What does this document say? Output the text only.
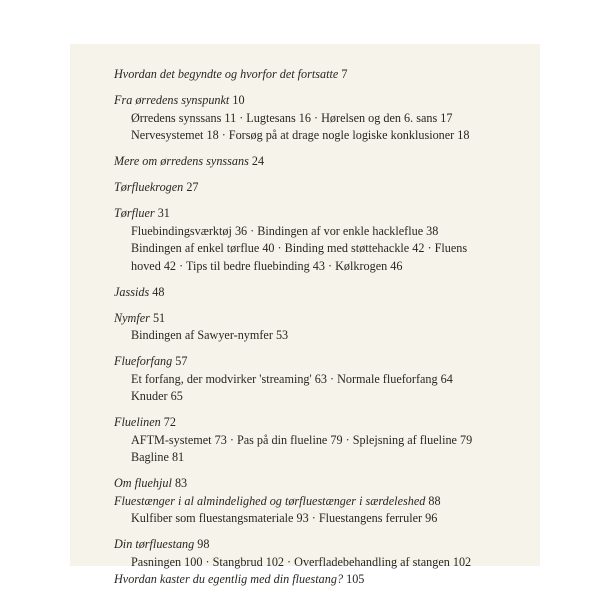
Hvordan det begyndte og hvorfor det fortsatte 7
Fra ørredens synspunkt 10
Ørredens synssans 11 · Lugtesans 16 · Hørelsen og den 6. sans 17
Nervesystemet 18 · Forsøg på at drage nogle logiske konklusioner 18
Mere om ørredens synssans 24
Tørfluekrogen 27
Tørfluer 31
Fluebindingsværktøj 36 · Bindingen af vor enkle hackleflue 38
Bindingen af enkel tørflue 40 · Binding med støttehackle 42 · Fluens
hoved 42 · Tips til bedre fluebinding 43 · Kølkrogen 46
Jassids 48
Nymfer 51
Bindingen af Sawyer-nymfer 53
Flueforfang 57
Et forfang, der modvirker 'streaming' 63 · Normale flueforfang 64
Knuder 65
Fluelinen 72
AFTM-systemet 73 · Pas på din flueline 79 · Splejsning af flueline 79
Bagline 81
Om fluehjul 83
Fluestænger i al almindelighed og tørfluestænger i særdeleshed 88
Kulfiber som fluestangsmateriale 93 · Fluestangens ferruler 96
Din tørfluestang 98
Pasningen 100 · Stangbrud 102 · Overfladebehandling af stangen 102
Hvordan kaster du egentlig med din fluestang? 105
